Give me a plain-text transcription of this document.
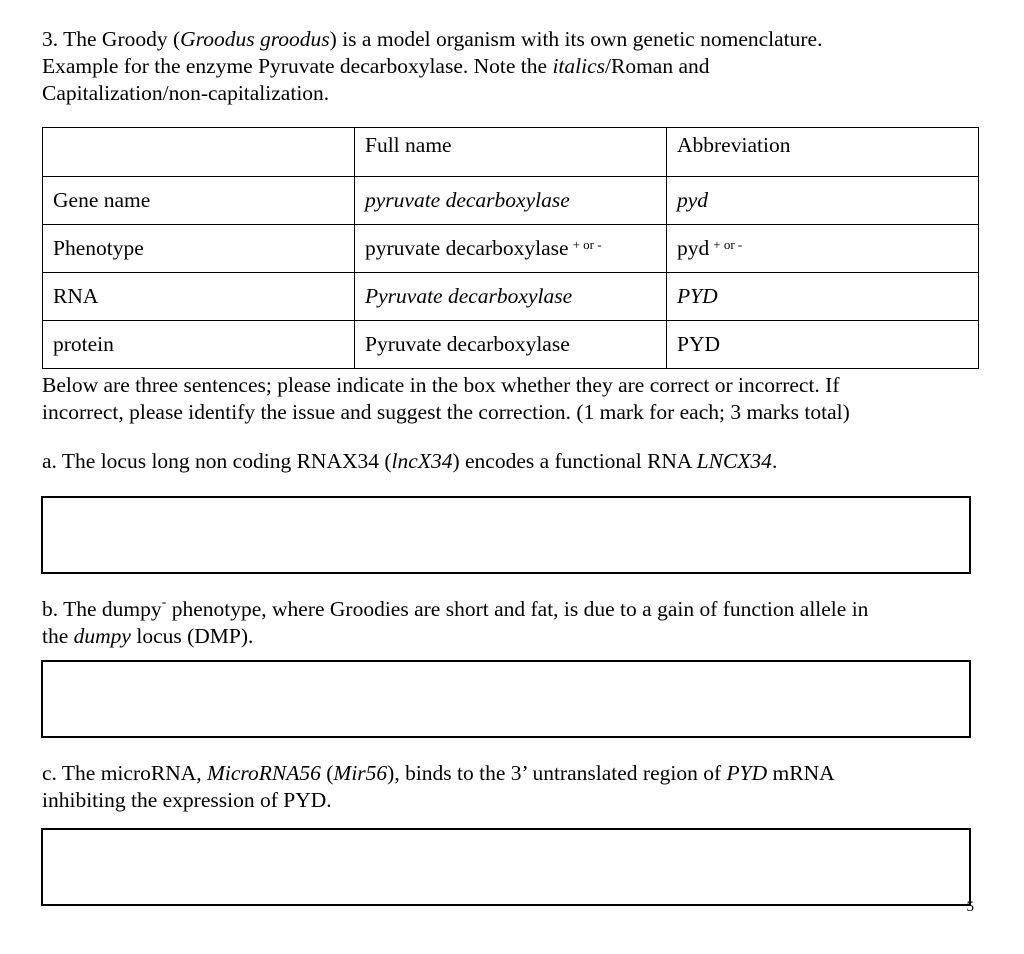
3. The Groody (Groodus groodus) is a model organism with its own genetic nomenclature.

Example for the enzyme Pyruvate decarboxylase. Note the italics/Roman and

Capitalization/non-capitalization.

	Full name	Abbreviation
Gene name	pyruvate decarboxylase	pyd
Phenotype	pyruvate decarboxylase $^{+ or -}$	pyd $^{+ or -}$
RNA	Pyruvate decarboxylase	PYD
protein	Pyruvate decarboxylase	PYD

Below are three sentences; please indicate in the box whether they are correct or incorrect. If

incorrect, please identify the issue and suggest the correction. (1 mark for each; 3 marks total)

a. The locus long non coding RNAX34 (lncX34) encodes a functional RNA LNCX34.

b. The dumpy- phenotype, where Groodies are short and fat, is due to a gain of function allele in

the dumpy locus (DMP).

c. The microRNA, MicroRNA56 (Mir56), binds to the 3’ untranslated region of PYD mRNA

inhibiting the expression of PYD.

5
